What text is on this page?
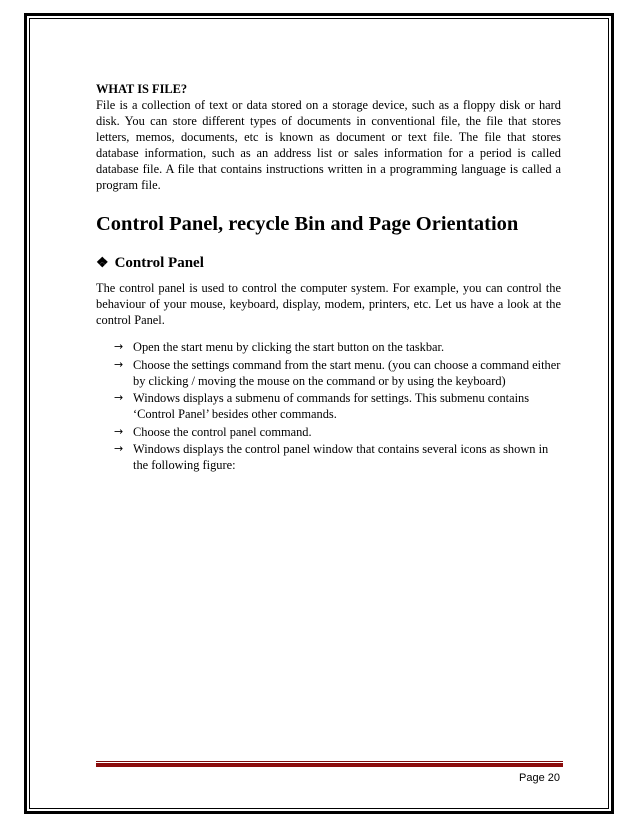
WHAT IS FILE?

File is a collection of text or data stored on a storage device, such as a floppy disk or hard disk. You can store different types of documents in conventional file, the file that stores letters, memos, documents, etc is known as document or text file. The file that stores database information, such as an address list or sales information for a period is called database file. A file that contains instructions written in a programming language is called a program file.

Control Panel, recycle Bin and Page Orientation
❖ Control Panel

The control panel is used to control the computer system. For example, you can control the behaviour of your mouse, keyboard, display, modem, printers, etc. Let us have a look at the control Panel.

→ Open the start menu by clicking the start button on the taskbar.
→ Choose the settings command from the start menu. (you can choose a command either by clicking / moving the mouse on the command or by using the keyboard)
→ Windows displays a submenu of commands for settings. This submenu contains ‘Control Panel’ besides other commands.
→ Choose the control panel command.
→ Windows displays the control panel window that contains several icons as shown in the following figure:
Page 20
